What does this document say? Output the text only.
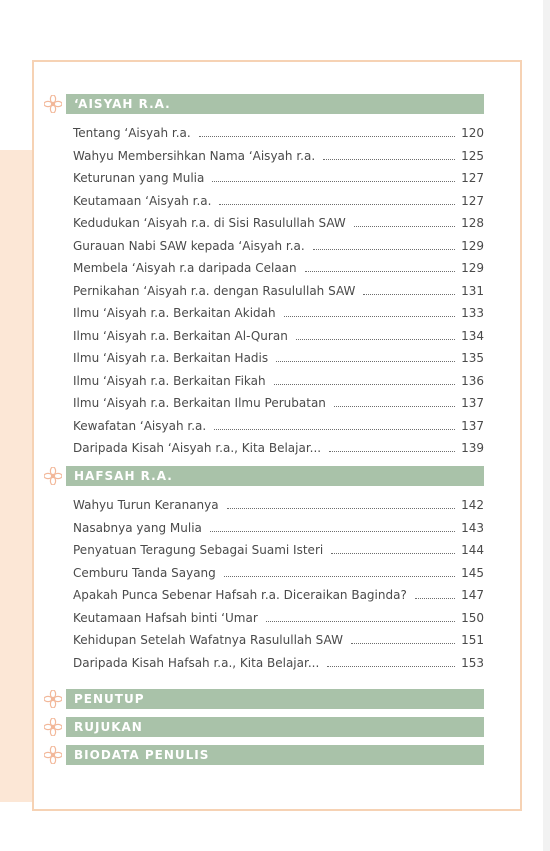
‘AISYAH R.A.
Tentang ‘Aisyah r.a.	120
Wahyu Membersihkan Nama ‘Aisyah r.a.	125
Keturunan yang Mulia	127
Keutamaan ‘Aisyah r.a.	127
Kedudukan ‘Aisyah r.a. di Sisi Rasulullah SAW	128
Gurauan Nabi SAW kepada ‘Aisyah r.a.	129
Membela ‘Aisyah r.a daripada Celaan	129
Pernikahan ‘Aisyah r.a. dengan Rasulullah SAW	131
Ilmu ‘Aisyah r.a. Berkaitan Akidah	133
Ilmu ‘Aisyah r.a. Berkaitan Al-Quran	134
Ilmu ‘Aisyah r.a. Berkaitan Hadis	135
Ilmu ‘Aisyah r.a. Berkaitan Fikah	136
Ilmu ‘Aisyah r.a. Berkaitan Ilmu Perubatan	137
Kewafatan ‘Aisyah r.a.	137
Daripada Kisah ‘Aisyah r.a., Kita Belajar...	139
HAFSAH R.A.
Wahyu Turun Kerananya	142
Nasabnya yang Mulia	143
Penyatuan Teragung Sebagai Suami Isteri	144
Cemburu Tanda Sayang	145
Apakah Punca Sebenar Hafsah r.a. Diceraikan Baginda?	147
Keutamaan Hafsah binti ‘Umar	150
Kehidupan Setelah Wafatnya Rasulullah SAW	151
Daripada Kisah Hafsah r.a., Kita Belajar...	153
PENUTUP
RUJUKAN
BIODATA PENULIS
